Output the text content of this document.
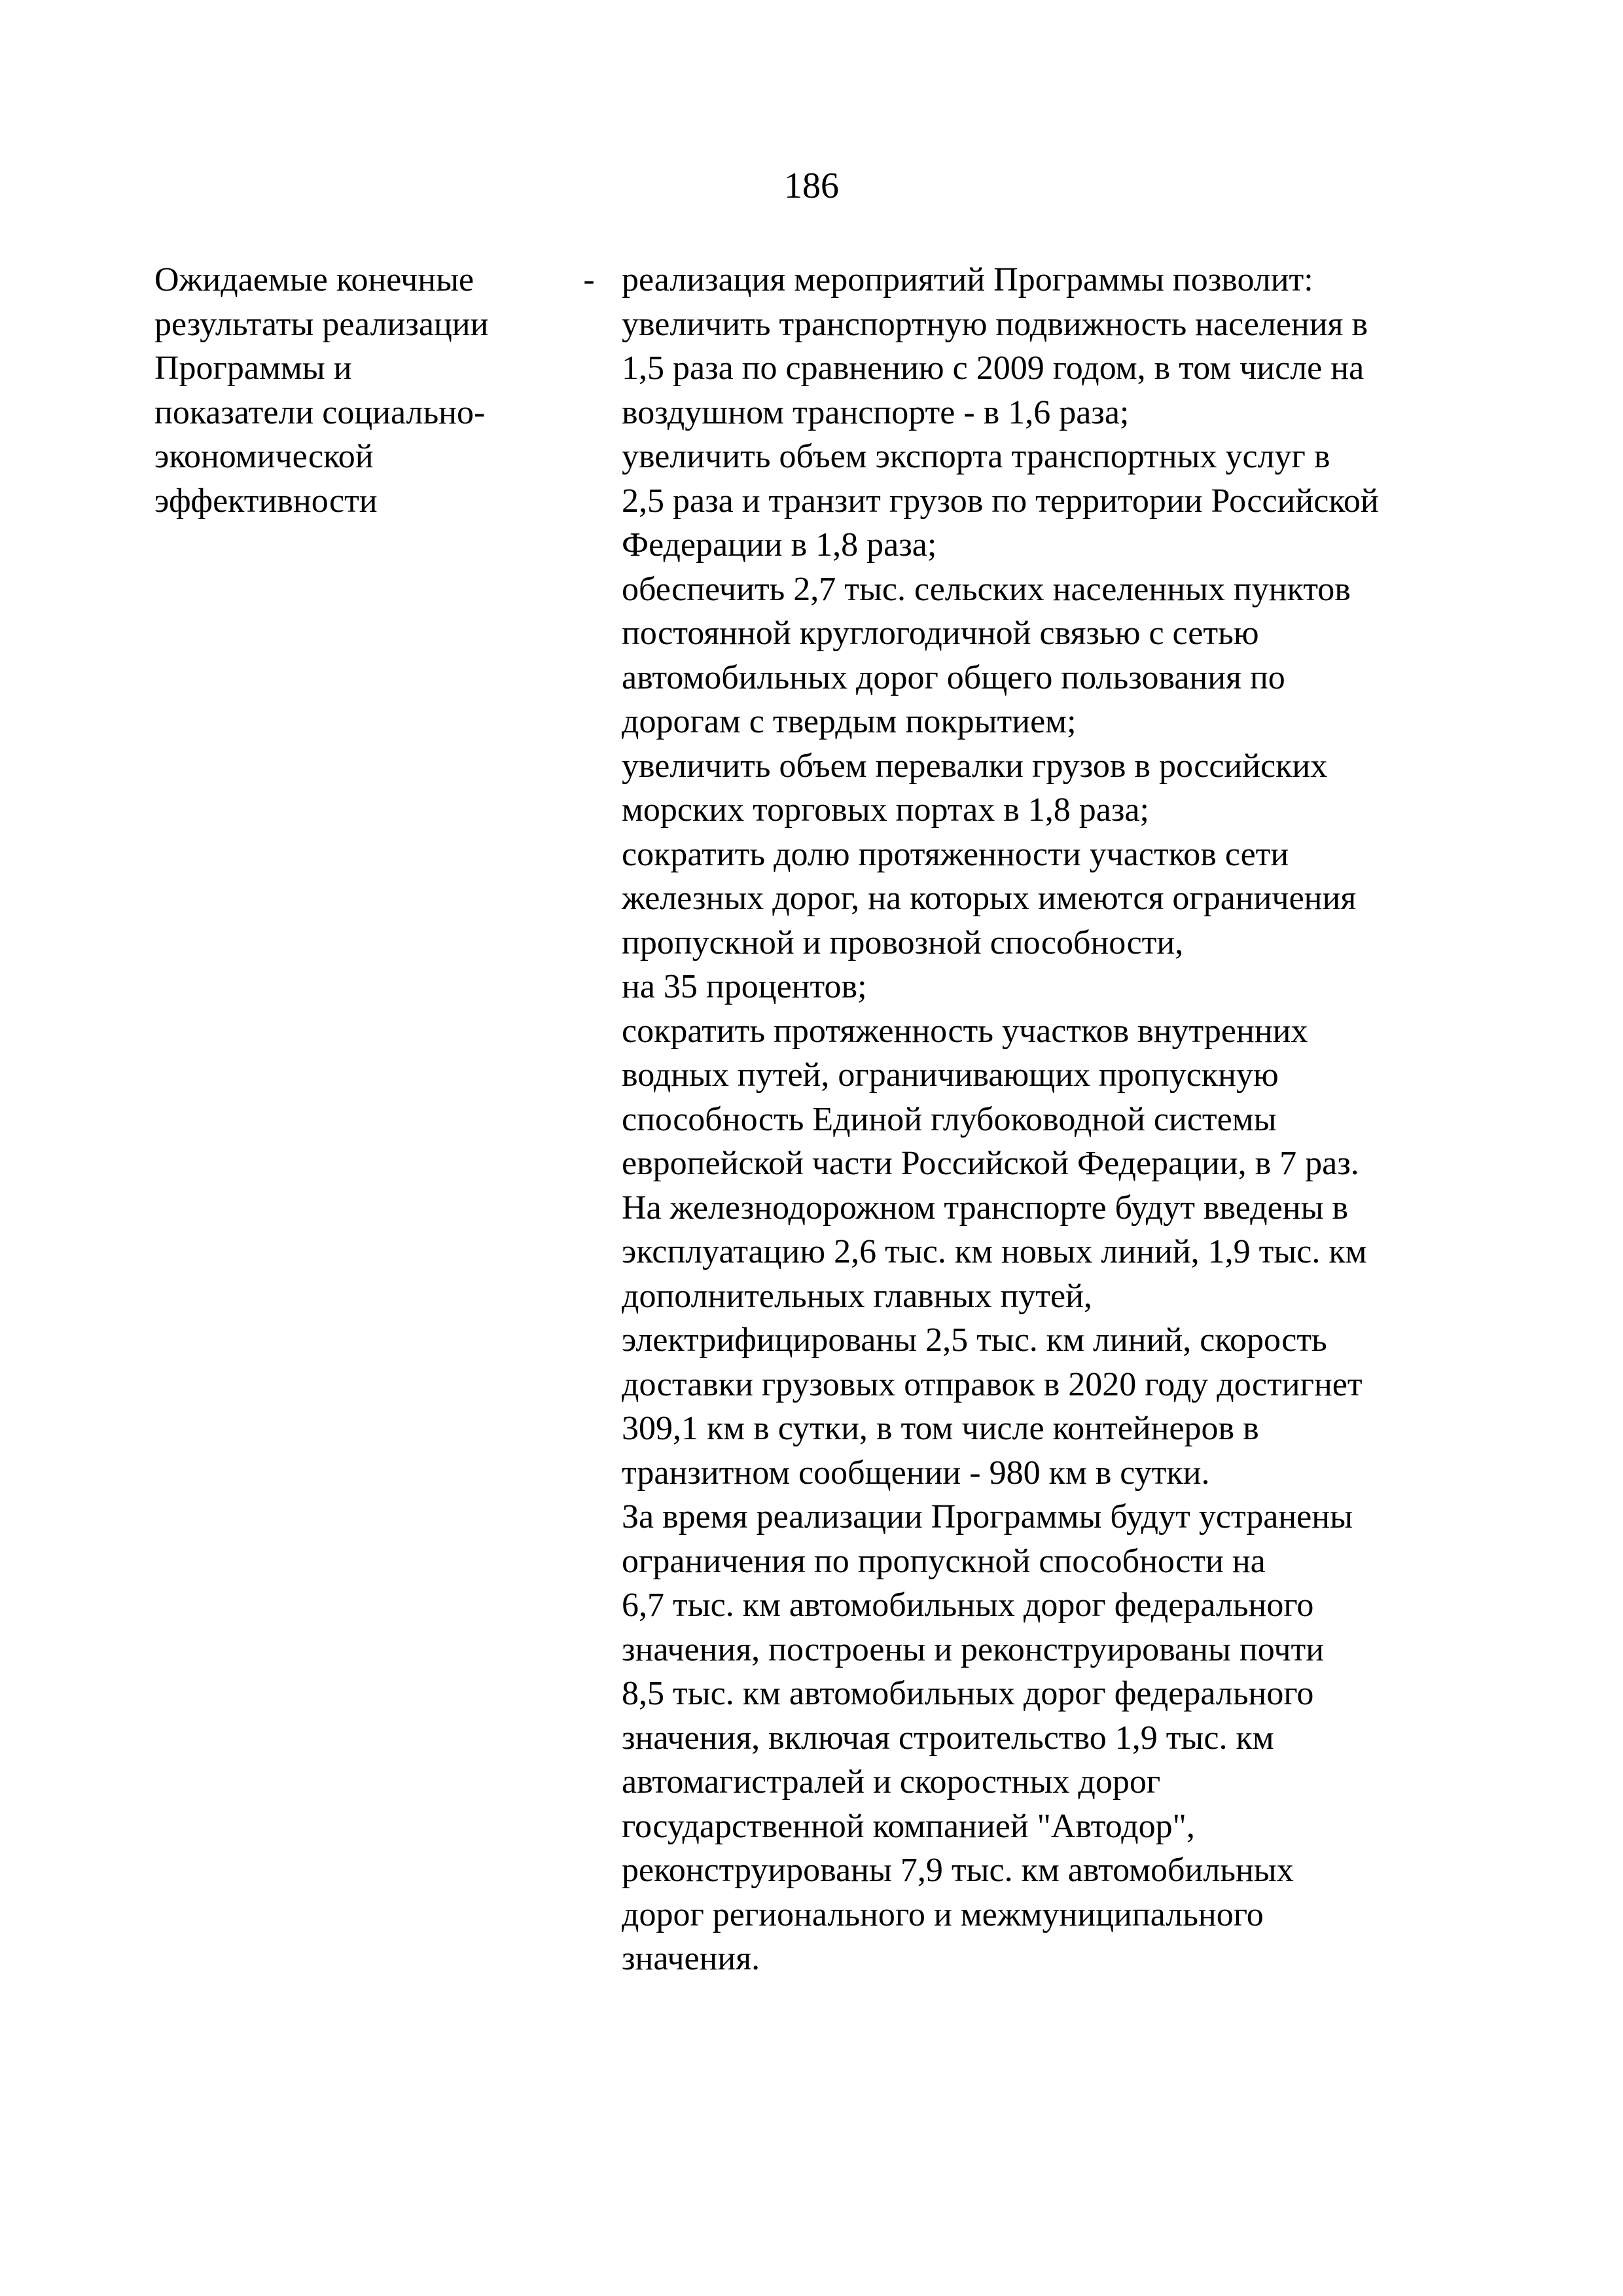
186
Ожидаемые конечные
результаты реализации
Программы и
показатели социально-
экономической
эффективности
- реализация мероприятий Программы позволит:
увеличить транспортную подвижность населения в
1,5 раза по сравнению с 2009 годом, в том числе на
воздушном транспорте - в 1,6 раза;
увеличить объем экспорта транспортных услуг в
2,5 раза и транзит грузов по территории Российской
Федерации в 1,8 раза;
обеспечить 2,7 тыс. сельских населенных пунктов
постоянной круглогодичной связью с сетью
автомобильных дорог общего пользования по
дорогам с твердым покрытием;
увеличить объем перевалки грузов в российских
морских торговых портах в 1,8 раза;
сократить долю протяженности участков сети
железных дорог, на которых имеются ограничения
пропускной и провозной способности,
на 35 процентов;
сократить протяженность участков внутренних
водных путей, ограничивающих пропускную
способность Единой глубоководной системы
европейской части Российской Федерации, в 7 раз.
На железнодорожном транспорте будут введены в
эксплуатацию 2,6 тыс. км новых линий, 1,9 тыс. км
дополнительных главных путей,
электрифицированы 2,5 тыс. км линий, скорость
доставки грузовых отправок в 2020 году достигнет
309,1 км в сутки, в том числе контейнеров в
транзитном сообщении - 980 км в сутки.
За время реализации Программы будут устранены
ограничения по пропускной способности на
6,7 тыс. км автомобильных дорог федерального
значения, построены и реконструированы почти
8,5 тыс. км автомобильных дорог федерального
значения, включая строительство 1,9 тыс. км
автомагистралей и скоростных дорог
государственной компанией "Автодор",
реконструированы 7,9 тыс. км автомобильных
дорог регионального и межмуниципального
значения.
